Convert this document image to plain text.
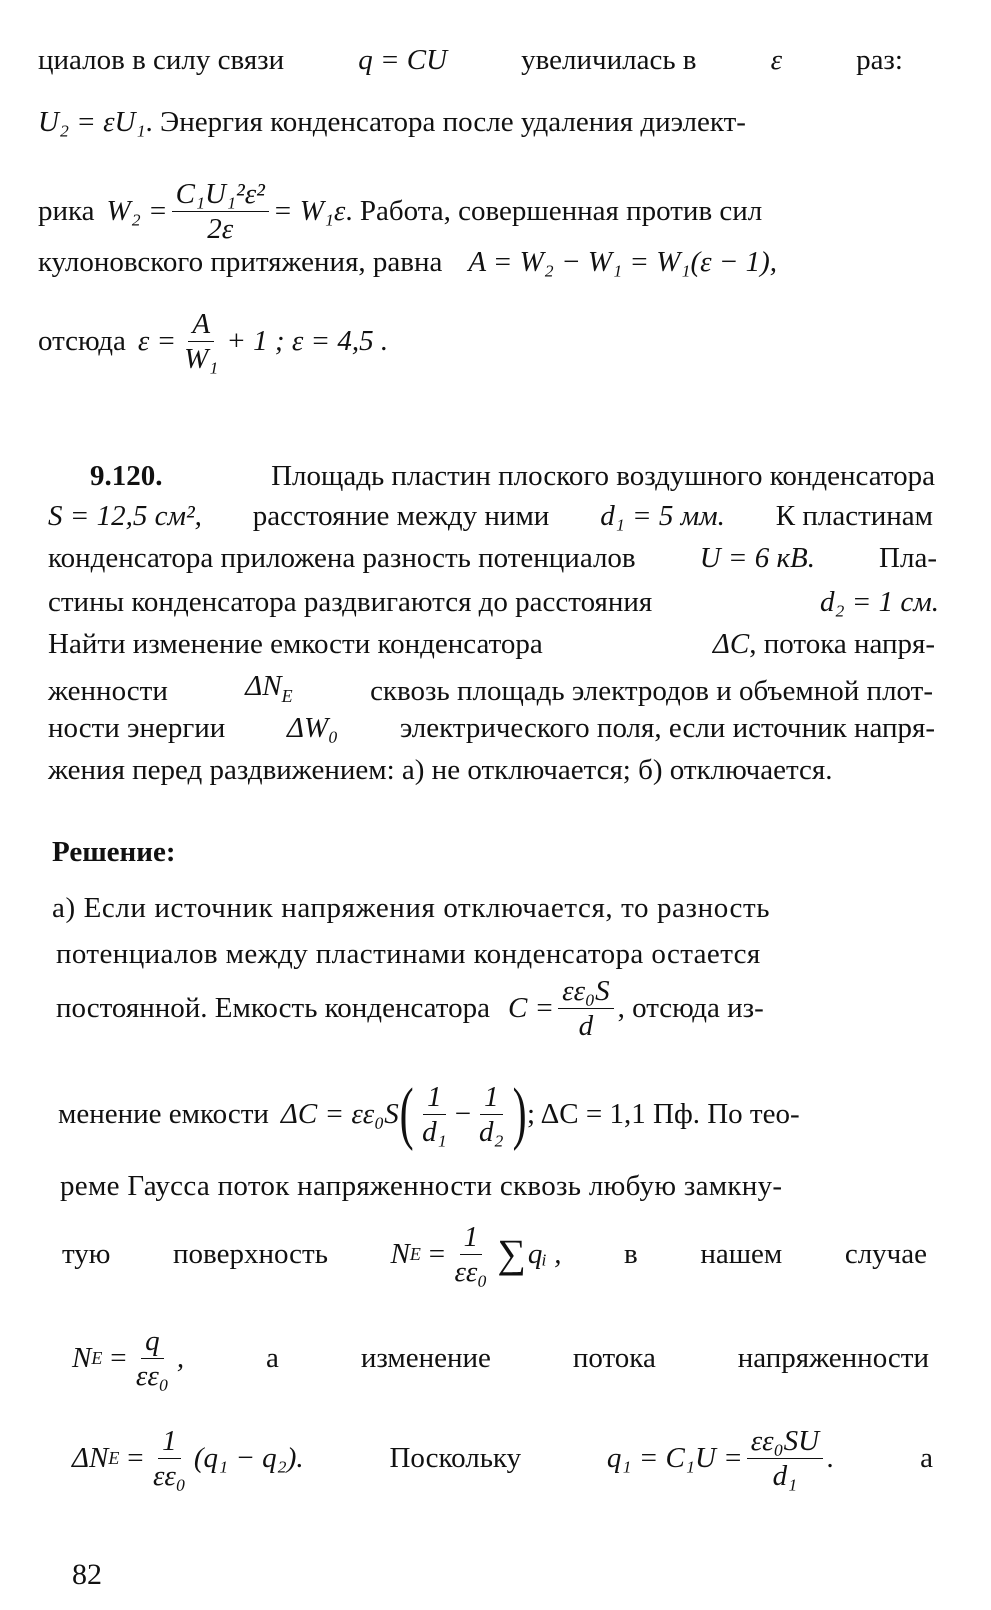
циалов в силу связи	q = CU	увеличилась в	ε	раз:
U₂ = εU₁ . Энергия конденсатора после удаления диэлект-
рика $W_2 = \frac{\text{C₁U₁²ε²}}{2\varepsilon} = W_1\varepsilon$ . Работа, совершенная против сил
кулоновского притяжения, равна A = W₂ − W₁ = W₁(ε − 1),
отсюда $\varepsilon = \frac{A}{\text{W₁}} + 1$ ; ε = 4,5 .
9.120.	Площадь пластин плоского воздушного конденсатора
S = 12,5 см², расстояние между ними d₁ = 5 мм. К пластинам
конденсатора приложена разность потенциалов U = 6 кВ. Пла-
стины конденсатора раздвигаются до расстояния	d₂ = 1 см.
Найти изменение емкости конденсатора	ΔC, потока напря-
женности	$\Delta N_E$	сквозь площадь электродов и объемной плот-
ности энергии ΔW₀ электрического поля, если источник напря-
жения перед раздвижением: а) не отключается; б) отключается.
Решение:
а) Если источник напряжения отключается, то разность
потенциалов между пластинами конденсатора остается
постоянной. Емкость конденсатора $C = \frac{\text{εε₀S}}{d}$ , отсюда из-
менение емкости ΔC = εε₀S ( $\frac{1}{\text{d₁}} - \frac{1}{\text{d₂}}$ ) ; ΔC = 1,1 Пф. По тео-
реме Гаусса поток напряженности сквозь любую замкну-
тую поверхность N $E = \frac{1}{\text{εε₀}}$ ∑ qᵢ , в нашем случае
N $E = \frac{q}{\text{εε₀}}$ ,	а	изменение	потока	напряженности
ΔN $E = \frac{1}{\text{εε₀}} (q_1 - q_2)$.	Поскольку	$q_1 = C_1U = \frac{\text{εε₀SU}}{\text{d₁}}$ .	а
82
